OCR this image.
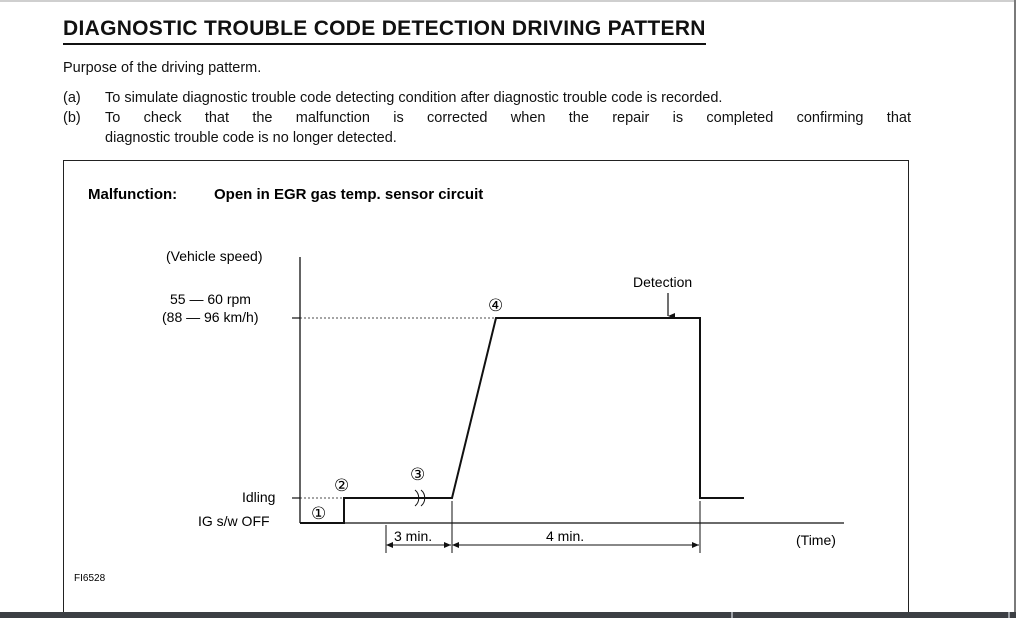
DIAGNOSTIC TROUBLE CODE DETECTION DRIVING PATTERN
Purpose of the driving patterm.
(a) To simulate diagnostic trouble code detecting condition after diagnostic trouble code is recorded.
(b) To check that the malfunction is corrected when the repair is completed confirming that
diagnostic trouble code is no longer detected.
Malfunction: Open in EGR gas temp. sensor circuit
(Vehicle speed)
55 — 60 rpm
(88 — 96 km/h)
Idling
IG s/w OFF ①
②
③
④
Detection
3 min.	4 min.	(Time)
FI6528
